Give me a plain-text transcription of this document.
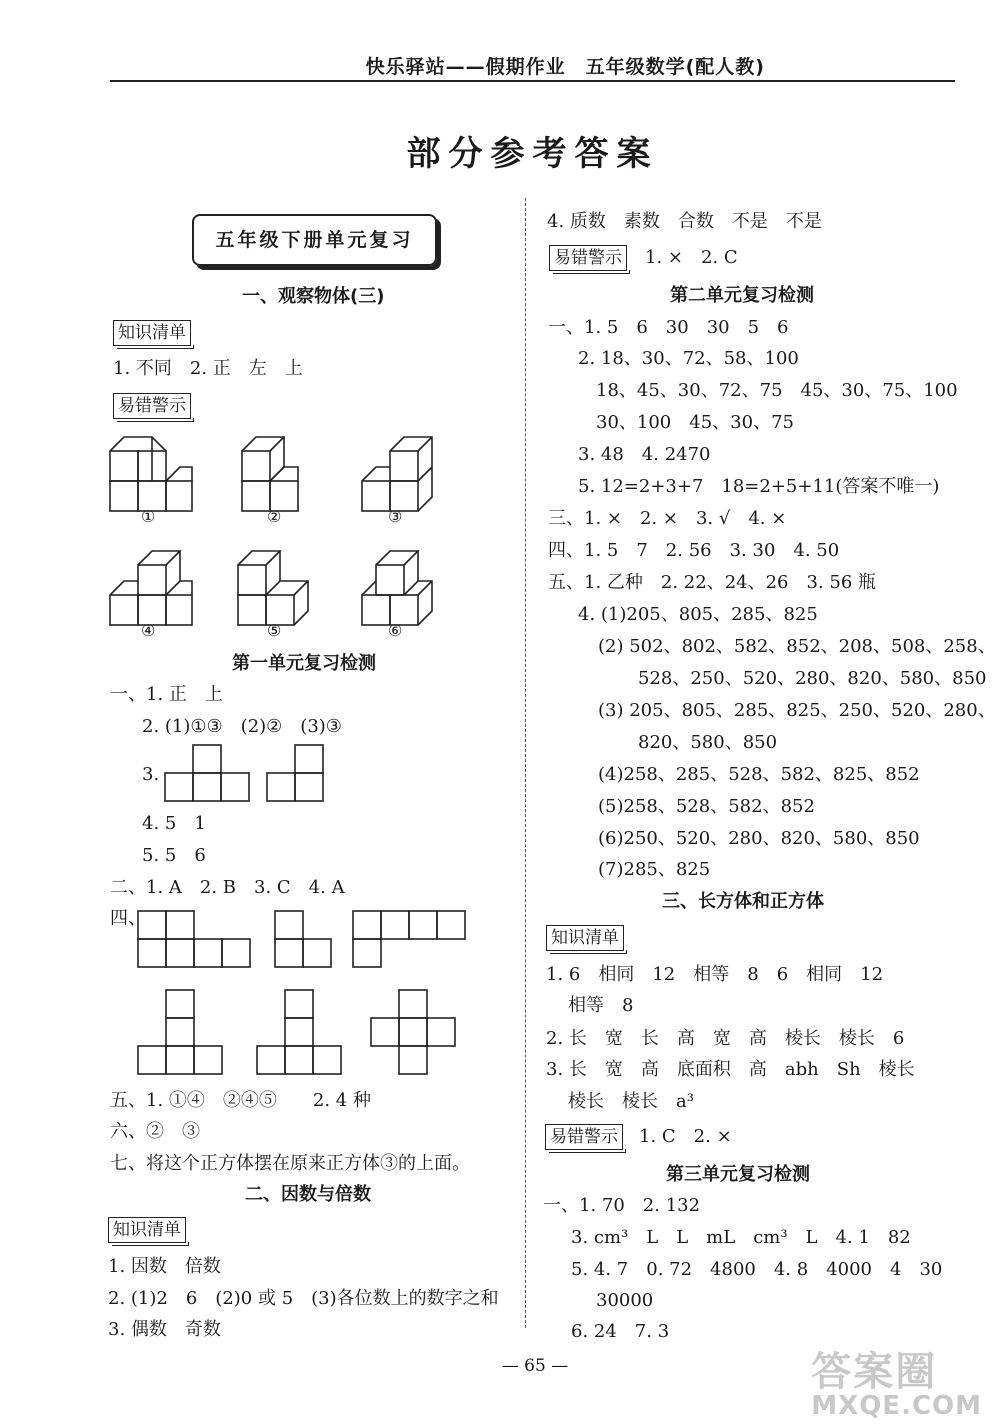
快乐驿站——假期作业　五年级数学(配人教)
部分参考答案
五年级下册单元复习
一、观察物体(三)
知识清单
1. 不同　2. 正　左　上
易错警示
①	②	③
④	⑤	⑥
第一单元复习检测
一、1. 正　上
2. (1)①③　(2)②　(3)③
3.
4. 5　1
5. 5　6
二、1. A　2. B　3. C　4. A
四、
五、1. ①④　②④⑤　　2. 4 种
六、②　③
七、将这个正方体摆在原来正方体③的上面。
二、因数与倍数
知识清单
1. 因数　倍数
2. (1)2　6　(2)0 或 5　(3)各位数上的数字之和
3. 偶数　奇数
4. 质数　素数　合数　不是　不是
易错警示 1. ×　2. C
第二单元复习检测
一、1. 5　6　30　30　5　6
2. 18、30、72、58、100
18、45、30、72、75　45、30、75、100
30、100　45、30、75
3. 48　4. 2470
5. 12=2+3+7　18=2+5+11(答案不唯一)
三、1. ×　2. ×　3. √　4. ×
四、1. 5　7　2. 56　3. 30　4. 50
五、1. 乙种　2. 22、24、26　3. 56 瓶
4. (1)205、805、285、825
(2) 502、802、582、852、208、508、258、
528、250、520、280、820、580、850
(3) 205、805、285、825、250、520、280、
820、580、850
(4)258、285、528、582、825、852
(5)258、528、582、852
(6)250、520、280、820、580、850
(7)285、825
三、长方体和正方体
知识清单
1. 6　相同　12　相等　8　6　相同　12
相等　8
2. 长　宽　长　高　宽　高　棱长　棱长　6
3. 长　宽　高　底面积　高　abh　Sh　棱长
棱长　棱长　a³
易错警示 1. C　2. ×
第三单元复习检测
一、1. 70　2. 132
3. cm³　L　L　mL　cm³　L　4. 1　82
5. 4. 7　0. 72　4800　4. 8　4000　4　30
30000
6. 24　7. 3
— 65 —	答案圈
MXQE.COM
